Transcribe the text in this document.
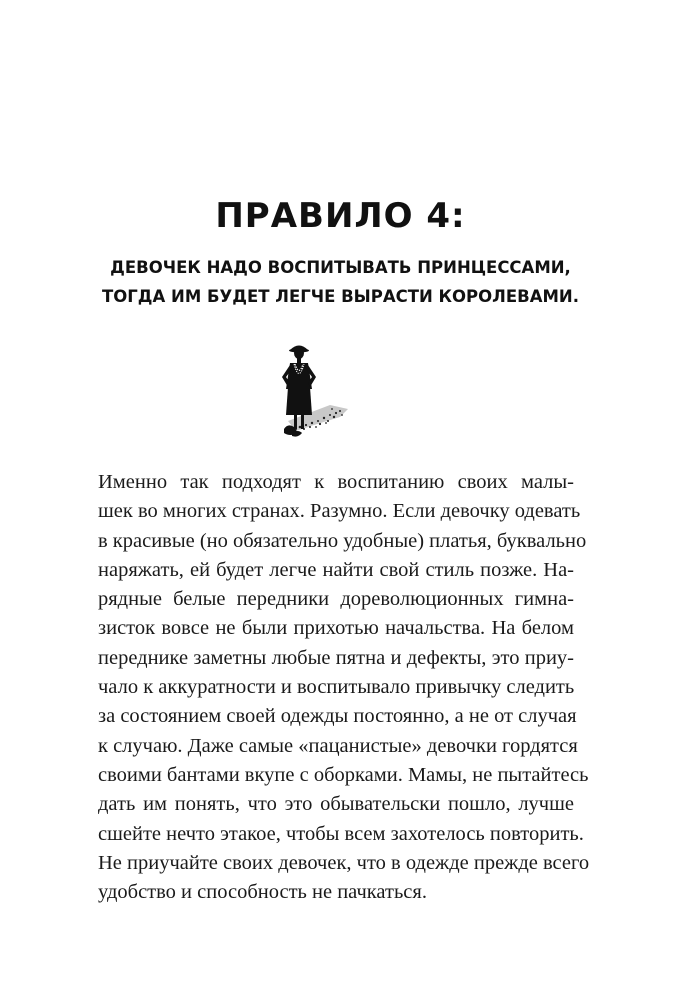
ПРАВИЛО 4:
ДЕВОЧЕК НАДО ВОСПИТЫВАТЬ ПРИНЦЕССАМИ,
ТОГДА ИМ БУДЕТ ЛЕГЧЕ ВЫРАСТИ КОРОЛЕВАМИ.
Именно так подходят к воспитанию своих малы-
шек во многих странах. Разумно. Если девочку одевать
в красивые (но обязательно удобные) платья, буквально
наряжать, ей будет легче найти свой стиль позже. На-
рядные белые передники дореволюционных гимна-
зисток вовсе не были прихотью начальства. На белом
переднике заметны любые пятна и дефекты, это приу-
чало к аккуратности и воспитывало привычку следить
за состоянием своей одежды постоянно, а не от случая
к случаю. Даже самые «пацанистые» девочки гордятся
своими бантами вкупе с оборками. Мамы, не пытайтесь
дать им понять, что это обывательски пошло, лучше
сшейте нечто этакое, чтобы всем захотелось повторить.
Не приучайте своих девочек, что в одежде прежде всего
удобство и способность не пачкаться.
